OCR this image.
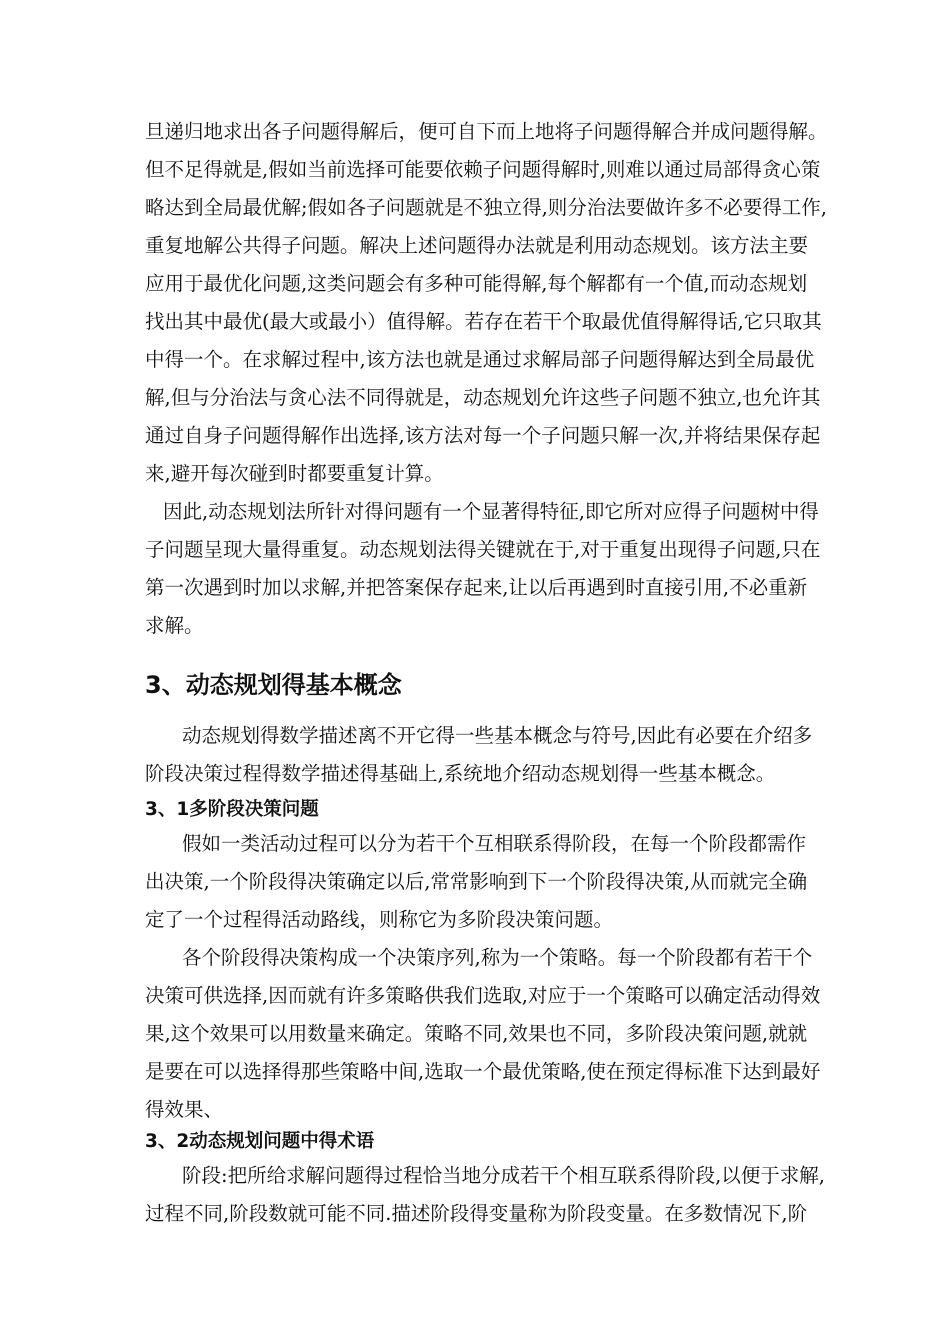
旦递归地求出各子问题得解后，便可自下而上地将子问题得解合并成问题得解。
但不足得就是,假如当前选择可能要依赖子问题得解时,则难以通过局部得贪心策
略达到全局最优解;假如各子问题就是不独立得,则分治法要做许多不必要得工作,
重复地解公共得子问题。解决上述问题得办法就是利用动态规划。该方法主要
应用于最优化问题,这类问题会有多种可能得解,每个解都有一个值,而动态规划
找出其中最优(最大或最小）值得解。若存在若干个取最优值得解得话,它只取其
中得一个。在求解过程中,该方法也就是通过求解局部子问题得解达到全局最优
解,但与分治法与贪心法不同得就是，动态规划允许这些子问题不独立,也允许其
通过自身子问题得解作出选择,该方法对每一个子问题只解一次,并将结果保存起
来,避开每次碰到时都要重复计算。
因此,动态规划法所针对得问题有一个显著得特征,即它所对应得子问题树中得
子问题呈现大量得重复。动态规划法得关键就在于,对于重复出现得子问题,只在
第一次遇到时加以求解,并把答案保存起来,让以后再遇到时直接引用,不必重新
求解。
3、动态规划得基本概念
动态规划得数学描述离不开它得一些基本概念与符号,因此有必要在介绍多
阶段决策过程得数学描述得基础上,系统地介绍动态规划得一些基本概念。
3、1多阶段决策问题
假如一类活动过程可以分为若干个互相联系得阶段，在每一个阶段都需作
出决策,一个阶段得决策确定以后,常常影响到下一个阶段得决策,从而就完全确
定了一个过程得活动路线，则称它为多阶段决策问题。
各个阶段得决策构成一个决策序列,称为一个策略。每一个阶段都有若干个
决策可供选择,因而就有许多策略供我们选取,对应于一个策略可以确定活动得效
果,这个效果可以用数量来确定。策略不同,效果也不同，多阶段决策问题,就就
是要在可以选择得那些策略中间,选取一个最优策略,使在预定得标准下达到最好
得效果、
3、2动态规划问题中得术语
阶段:把所给求解问题得过程恰当地分成若干个相互联系得阶段,以便于求解,
过程不同,阶段数就可能不同.描述阶段得变量称为阶段变量。在多数情况下,阶
